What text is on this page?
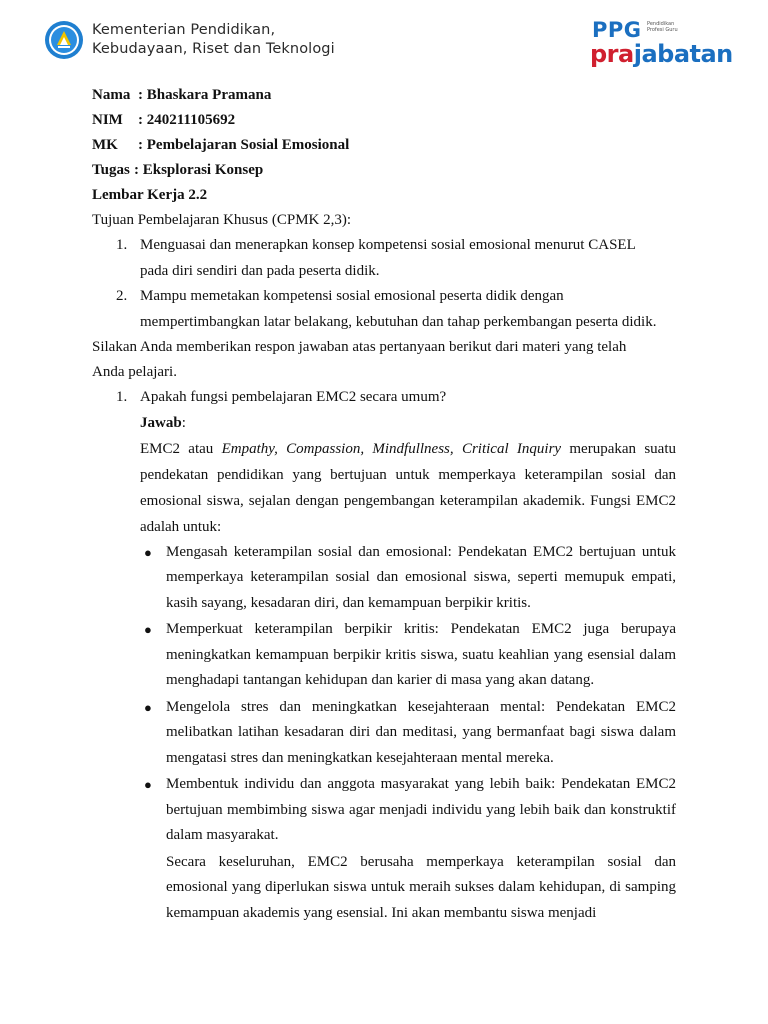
Kementerian Pendidikan,
Kebudayaan, Riset dan Teknologi
PPG Pendidikan Profesi Guru
prajabatan
Nama : Bhaskara Pramana
NIM	: 240211105692
MK	: Pembelajaran Sosial Emosional
Tugas : Eksplorasi Konsep
Lembar Kerja 2.2
Tujuan Pembelajaran Khusus (CPMK 2,3):
1. Menguasai dan menerapkan konsep kompetensi sosial emosional menurut CASEL
pada diri sendiri dan pada peserta didik.
2. Mampu memetakan kompetensi sosial emosional peserta didik dengan
mempertimbangkan latar belakang, kebutuhan dan tahap perkembangan peserta didik.
Silakan Anda memberikan respon jawaban atas pertanyaan berikut dari materi yang telah
Anda pelajari.
1. Apakah fungsi pembelajaran EMC2 secara umum?
Jawab:
EMC2 atau Empathy, Compassion, Mindfullness, Critical Inquiry merupakan suatu pendekatan pendidikan yang bertujuan untuk memperkaya keterampilan sosial dan emosional siswa, sejalan dengan pengembangan keterampilan akademik. Fungsi EMC2 adalah untuk:
● Mengasah keterampilan sosial dan emosional: Pendekatan EMC2 bertujuan untuk memperkaya keterampilan sosial dan emosional siswa, seperti memupuk empati, kasih sayang, kesadaran diri, dan kemampuan berpikir kritis.
● Memperkuat keterampilan berpikir kritis: Pendekatan EMC2 juga berupaya meningkatkan kemampuan berpikir kritis siswa, suatu keahlian yang esensial dalam menghadapi tantangan kehidupan dan karier di masa yang akan datang.
● Mengelola stres dan meningkatkan kesejahteraan mental: Pendekatan EMC2 melibatkan latihan kesadaran diri dan meditasi, yang bermanfaat bagi siswa dalam mengatasi stres dan meningkatkan kesejahteraan mental mereka.
● Membentuk individu dan anggota masyarakat yang lebih baik: Pendekatan EMC2 bertujuan membimbing siswa agar menjadi individu yang lebih baik dan konstruktif dalam masyarakat.
Secara keseluruhan, EMC2 berusaha memperkaya keterampilan sosial dan emosional yang diperlukan siswa untuk meraih sukses dalam kehidupan, di samping kemampuan akademis yang esensial. Ini akan membantu siswa menjadi
